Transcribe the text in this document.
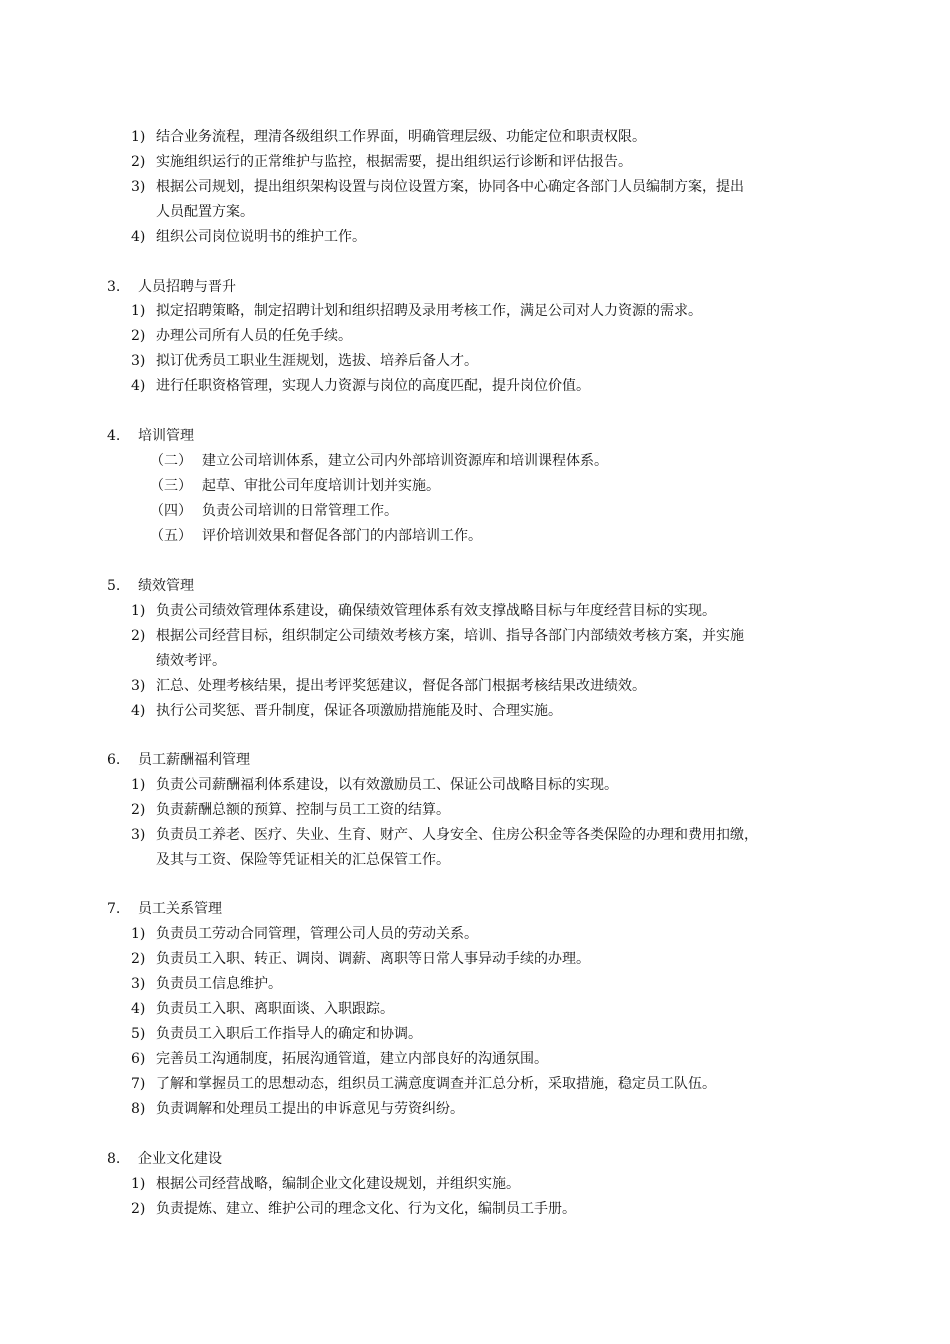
1) 结合业务流程，理清各级组织工作界面，明确管理层级、功能定位和职责权限。
2) 实施组织运行的正常维护与监控，根据需要，提出组织运行诊断和评估报告。
3) 根据公司规划，提出组织架构设置与岗位设置方案，协同各中心确定各部门人员编制方案，提出
人员配置方案。
4) 组织公司岗位说明书的维护工作。
3. 人员招聘与晋升
1) 拟定招聘策略，制定招聘计划和组织招聘及录用考核工作，满足公司对人力资源的需求。
2) 办理公司所有人员的任免手续。
3) 拟订优秀员工职业生涯规划，选拔、培养后备人才。
4) 进行任职资格管理，实现人力资源与岗位的高度匹配，提升岗位价值。
4. 培训管理
（二） 建立公司培训体系，建立公司内外部培训资源库和培训课程体系。
（三） 起草、审批公司年度培训计划并实施。
（四） 负责公司培训的日常管理工作。
（五） 评价培训效果和督促各部门的内部培训工作。
5. 绩效管理
1) 负责公司绩效管理体系建设，确保绩效管理体系有效支撑战略目标与年度经营目标的实现。
2) 根据公司经营目标，组织制定公司绩效考核方案，培训、指导各部门内部绩效考核方案，并实施
绩效考评。
3) 汇总、处理考核结果，提出考评奖惩建议，督促各部门根据考核结果改进绩效。
4) 执行公司奖惩、晋升制度，保证各项激励措施能及时、合理实施。
6. 员工薪酬福利管理
1) 负责公司薪酬福利体系建设，以有效激励员工、保证公司战略目标的实现。
2) 负责薪酬总额的预算、控制与员工工资的结算。
3) 负责员工养老、医疗、失业、生育、财产、人身安全、住房公积金等各类保险的办理和费用扣缴，
及其与工资、保险等凭证相关的汇总保管工作。
7. 员工关系管理
1) 负责员工劳动合同管理，管理公司人员的劳动关系。
2) 负责员工入职、转正、调岗、调薪、离职等日常人事异动手续的办理。
3) 负责员工信息维护。
4) 负责员工入职、离职面谈、入职跟踪。
5) 负责员工入职后工作指导人的确定和协调。
6) 完善员工沟通制度，拓展沟通管道，建立内部良好的沟通氛围。
7) 了解和掌握员工的思想动态，组织员工满意度调查并汇总分析，采取措施，稳定员工队伍。
8) 负责调解和处理员工提出的申诉意见与劳资纠纷。
8. 企业文化建设
1) 根据公司经营战略，编制企业文化建设规划，并组织实施。
2) 负责提炼、建立、维护公司的理念文化、行为文化，编制员工手册。
